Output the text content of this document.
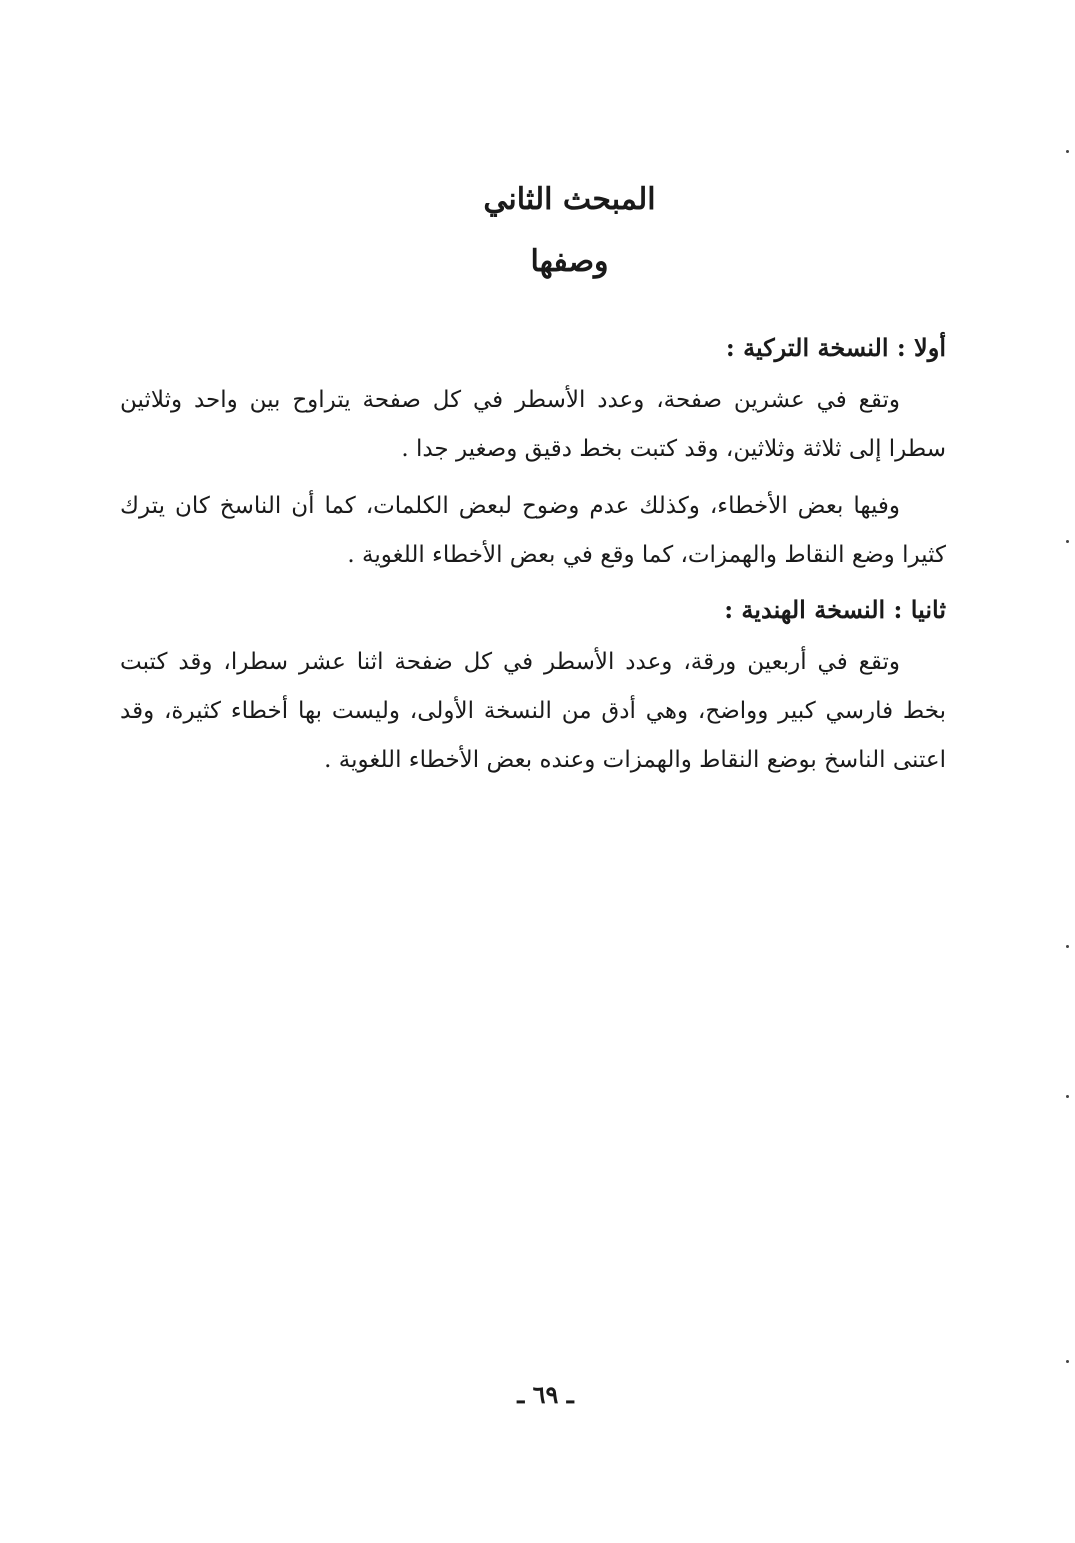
المبحث الثاني
وصفها
أولا : النسخة التركية :

وتقع في عشرين صفحة، وعدد الأسطر في كل صفحة يتراوح بين واحد وثلاثين سطرا إلى ثلاثة وثلاثين، وقد كتبت بخط دقيق وصغير جدا .

وفيها بعض الأخطاء، وكذلك عدم وضوح لبعض الكلمات، كما أن الناسخ كان يترك كثيرا وضع النقاط والهمزات، كما وقع في بعض الأخطاء اللغوية .

ثانيا : النسخة الهندية :

وتقع في أربعين ورقة، وعدد الأسطر في كل ضفحة اثنا عشر سطرا، وقد كتبت بخط فارسي كبير وواضح، وهي أدق من النسخة الأولى، وليست بها أخطاء كثيرة، وقد اعتنى الناسخ بوضع النقاط والهمزات وعنده بعض الأخطاء اللغوية .

ـ ٦٩ ـ
